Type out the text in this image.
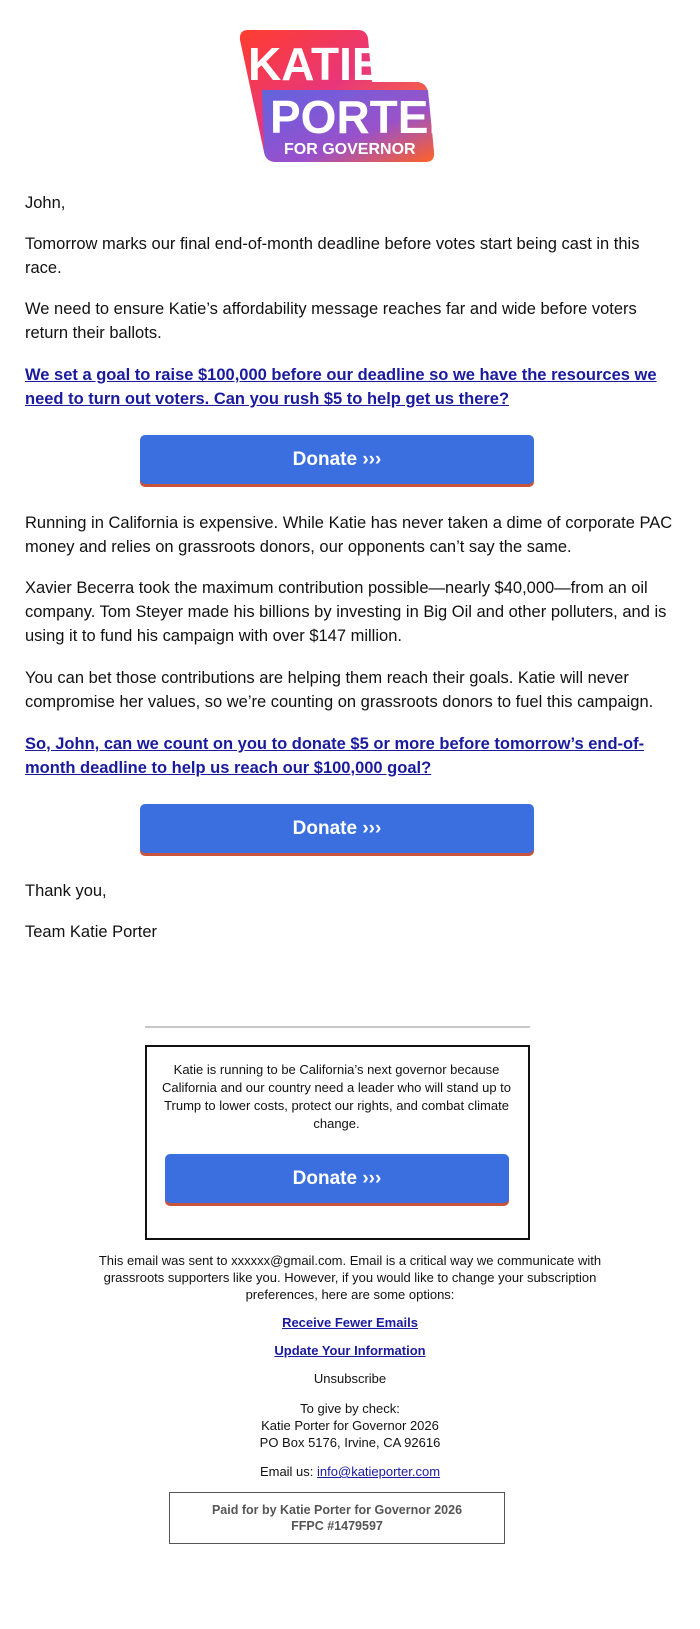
KATIE
PORTER
FOR GOVERNOR

John,

Tomorrow marks our final end-of-month deadline before votes start being cast in this race.

We need to ensure Katie’s affordability message reaches far and wide before voters return their ballots.

We set a goal to raise $100,000 before our deadline so we have the resources we need to turn out voters. Can you rush $5 to help get us there?

Donate ›››

Running in California is expensive. While Katie has never taken a dime of corporate PAC money and relies on grassroots donors, our opponents can’t say the same.

Xavier Becerra took the maximum contribution possible—nearly $40,000—from an oil company. Tom Steyer made his billions by investing in Big Oil and other polluters, and is using it to fund his campaign with over $147 million.

You can bet those contributions are helping them reach their goals. Katie will never compromise her values, so we’re counting on grassroots donors to fuel this campaign.

So, John, can we count on you to donate $5 or more before tomorrow’s end-of-month deadline to help us reach our $100,000 goal?

Donate ›››

Thank you,

Team Katie Porter

Katie is running to be California’s next governor because California and our country need a leader who will stand up to Trump to lower costs, protect our rights, and combat climate change.

Donate ›››

This email was sent to xxxxxx@gmail.com. Email is a critical way we communicate with

grassroots supporters like you. However, if you would like to change your subscription

preferences, here are some options:

Receive Fewer Emails

Update Your Information

Unsubscribe

To give by check:

Katie Porter for Governor 2026

PO Box 5176, Irvine, CA 92616

Email us: info@katieporter.com

Paid for by Katie Porter for Governor 2026
FFPC #1479597
